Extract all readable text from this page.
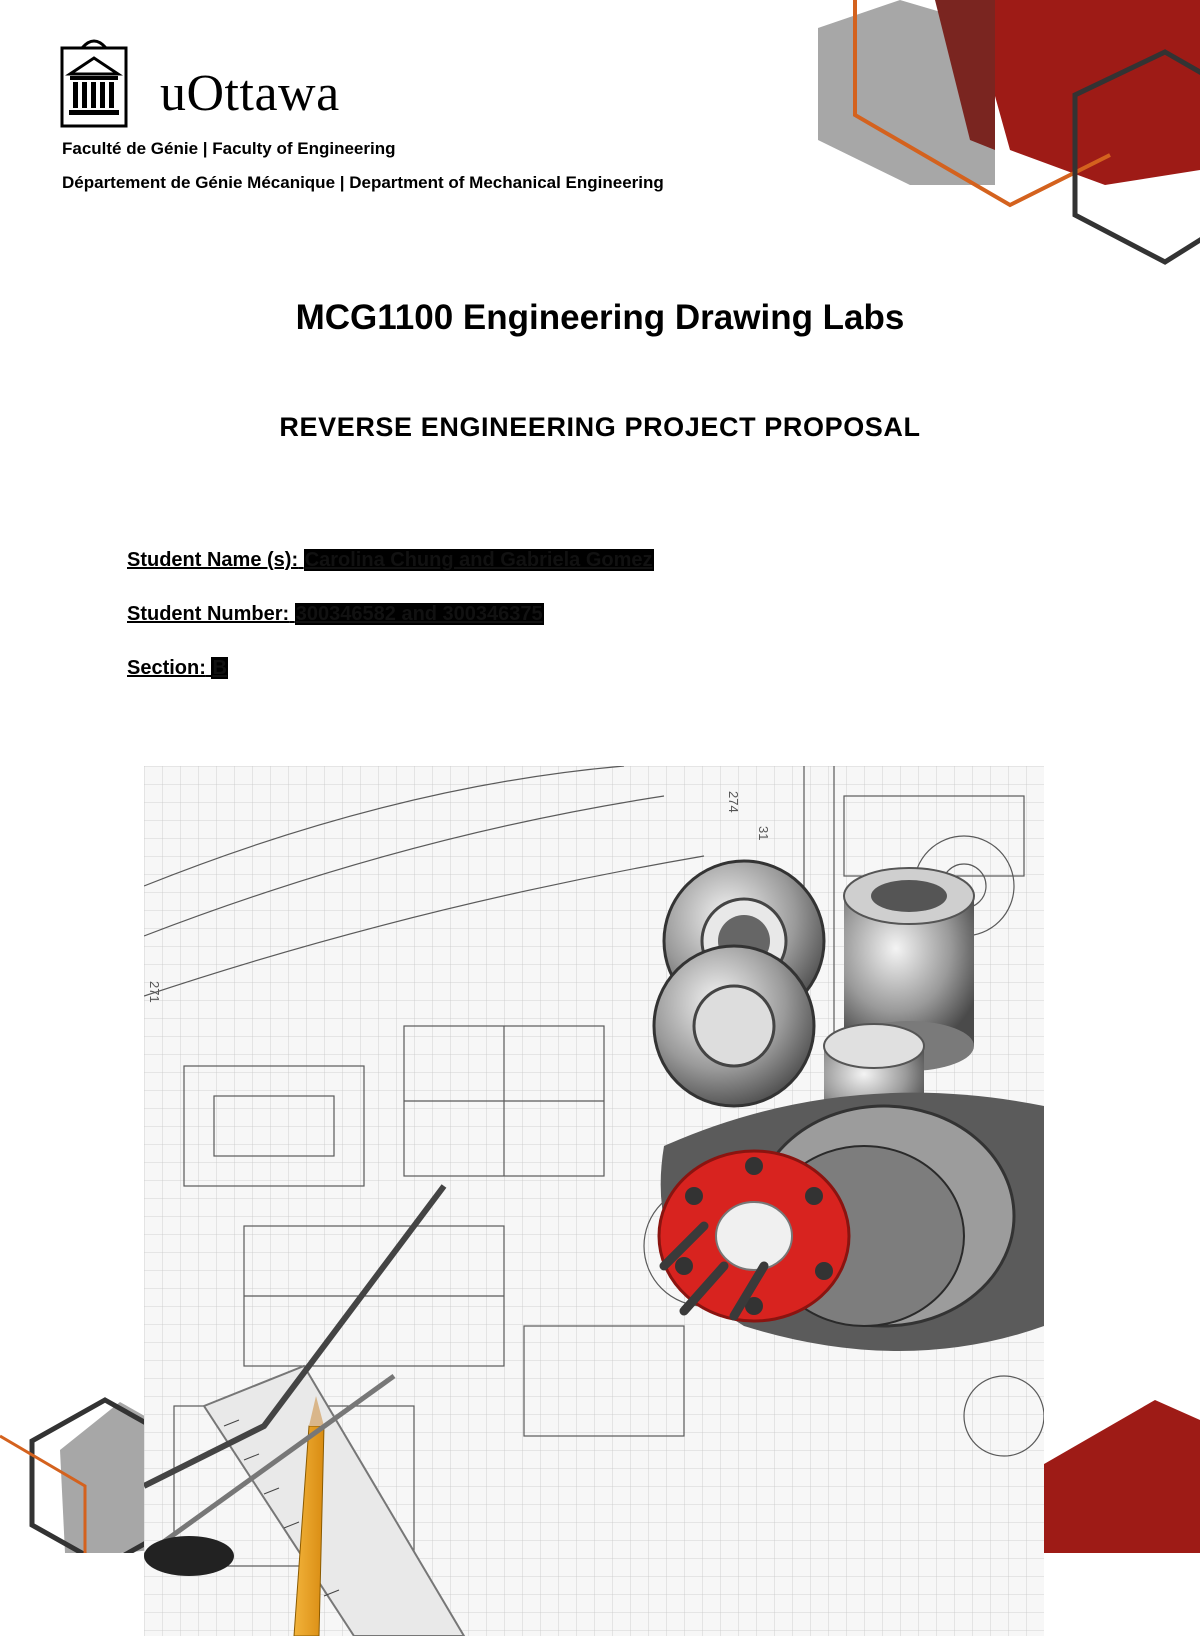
uOttawa
Faculté de Génie | Faculty of Engineering
Département de Génie Mécanique | Department of Mechanical Engineering
MCG1100 Engineering Drawing Labs
REVERSE ENGINEERING PROJECT PROPOSAL
Student Name (s): Carolina Chung and Gabriela Gomez
Student Number: 300346582 and 300346375
Section: B
274
31
271
